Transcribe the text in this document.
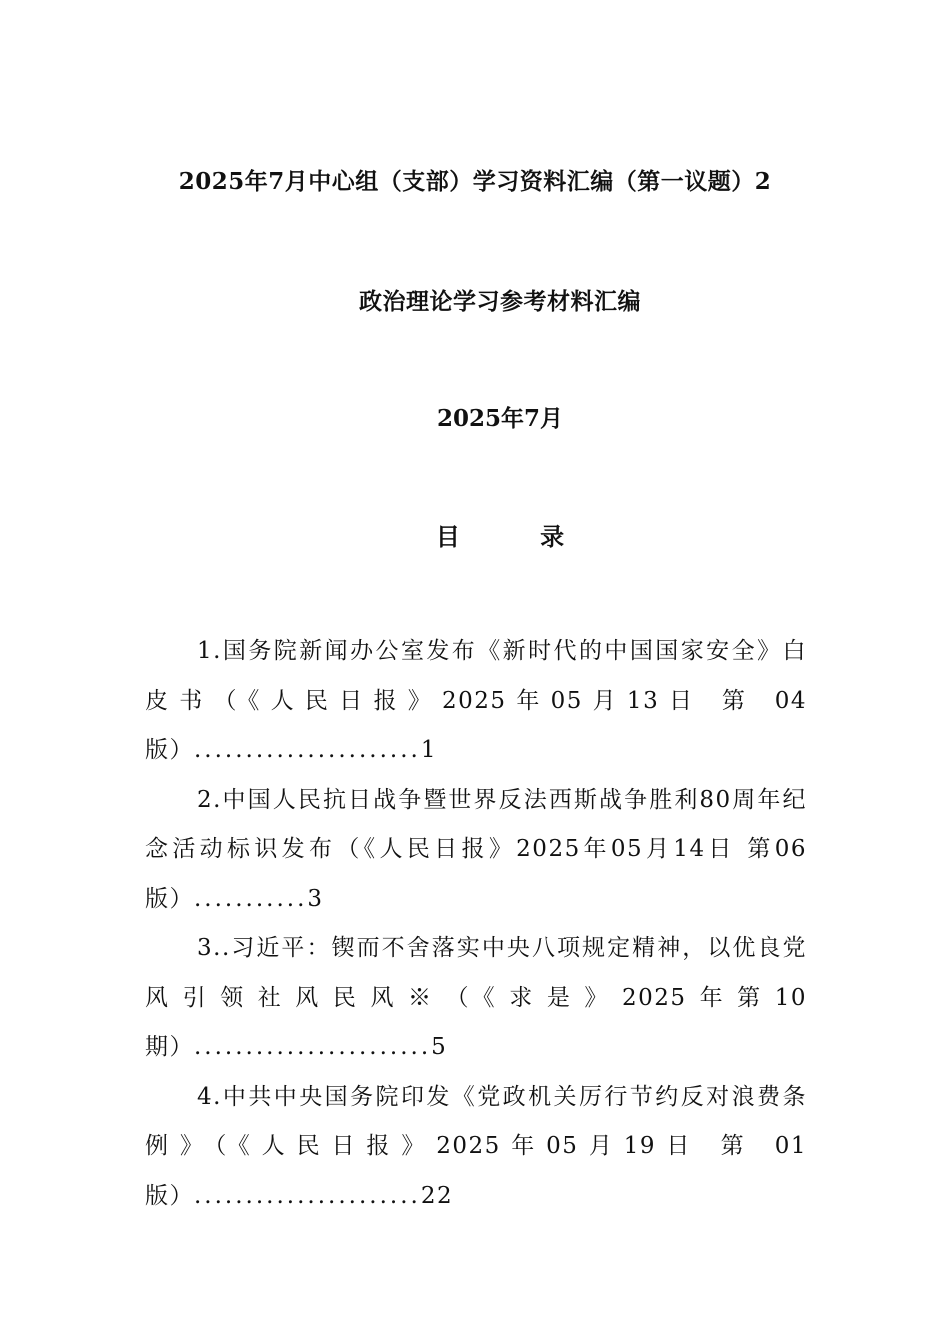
2025年7月中心组（支部）学习资料汇编（第一议题）2
政治理论学习参考材料汇编
2025年7月
目 录

1.国务院新闻办公室发布《新时代的中国国家安全》白皮书（《人民日报》2025年05月13日 第 04版）......................1

2.中国人民抗日战争暨世界反法西斯战争胜利80周年纪念活动标识发布（《人民日报》2025年05月14日 第06版）...........3

3..习近平：锲而不舍落实中央八项规定精神，以优良党风引领社风民风※（《求是》2025年第10期）.......................5

4.中共中央国务院印发《党政机关厉行节约反对浪费条例》（《人民日报》2025年05月19日 第 01版）......................22
